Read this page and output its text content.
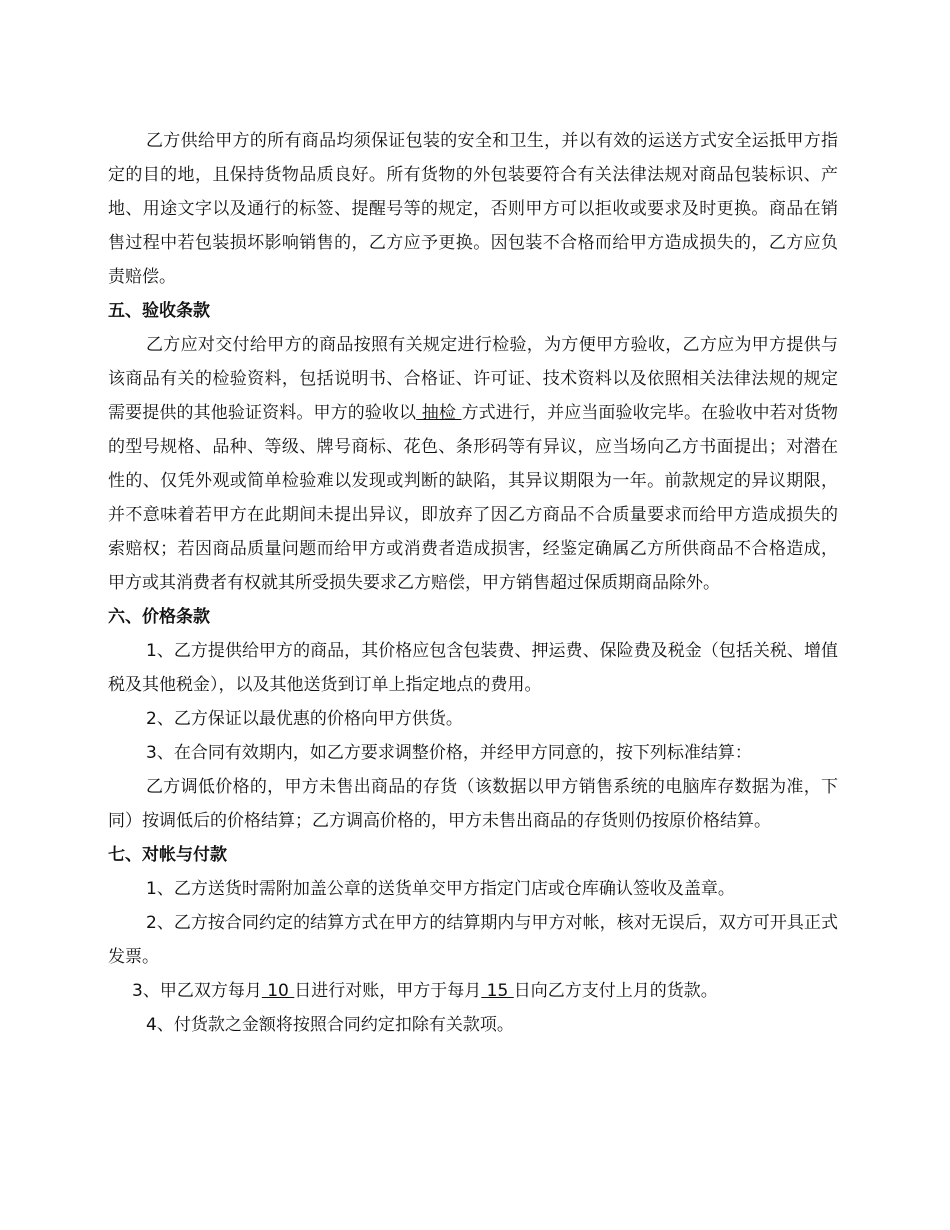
乙方供给甲方的所有商品均须保证包装的安全和卫生，并以有效的运送方式安全运抵甲方指定的目的地，且保持货物品质良好。所有货物的外包装要符合有关法律法规对商品包装标识、产地、用途文字以及通行的标签、提醒号等的规定，否则甲方可以拒收或要求及时更换。商品在销售过程中若包装损坏影响销售的，乙方应予更换。因包装不合格而给甲方造成损失的，乙方应负责赔偿。

五、验收条款

乙方应对交付给甲方的商品按照有关规定进行检验，为方便甲方验收，乙方应为甲方提供与该商品有关的检验资料，包括说明书、合格证、许可证、技术资料以及依照相关法律法规的规定需要提供的其他验证资料。甲方的验收以 抽检 方式进行，并应当面验收完毕。在验收中若对货物的型号规格、品种、等级、牌号商标、花色、条形码等有异议，应当场向乙方书面提出；对潜在性的、仅凭外观或简单检验难以发现或判断的缺陷，其异议期限为一年。前款规定的异议期限，并不意味着若甲方在此期间未提出异议，即放弃了因乙方商品不合质量要求而给甲方造成损失的索赔权；若因商品质量问题而给甲方或消费者造成损害，经鉴定确属乙方所供商品不合格造成，甲方或其消费者有权就其所受损失要求乙方赔偿，甲方销售超过保质期商品除外。

六、价格条款

1、乙方提供给甲方的商品，其价格应包含包装费、押运费、保险费及税金（包括关税、增值税及其他税金），以及其他送货到订单上指定地点的费用。

2、乙方保证以最优惠的价格向甲方供货。

3、在合同有效期内，如乙方要求调整价格，并经甲方同意的，按下列标准结算：

乙方调低价格的，甲方未售出商品的存货（该数据以甲方销售系统的电脑库存数据为准，下同）按调低后的价格结算；乙方调高价格的，甲方未售出商品的存货则仍按原价格结算。

七、对帐与付款

1、乙方送货时需附加盖公章的送货单交甲方指定门店或仓库确认签收及盖章。

2、乙方按合同约定的结算方式在甲方的结算期内与甲方对帐，核对无误后，双方可开具正式发票。

3、甲乙双方每月 10 日进行对账，甲方于每月 15 日向乙方支付上月的货款。

4、付货款之金额将按照合同约定扣除有关款项。
